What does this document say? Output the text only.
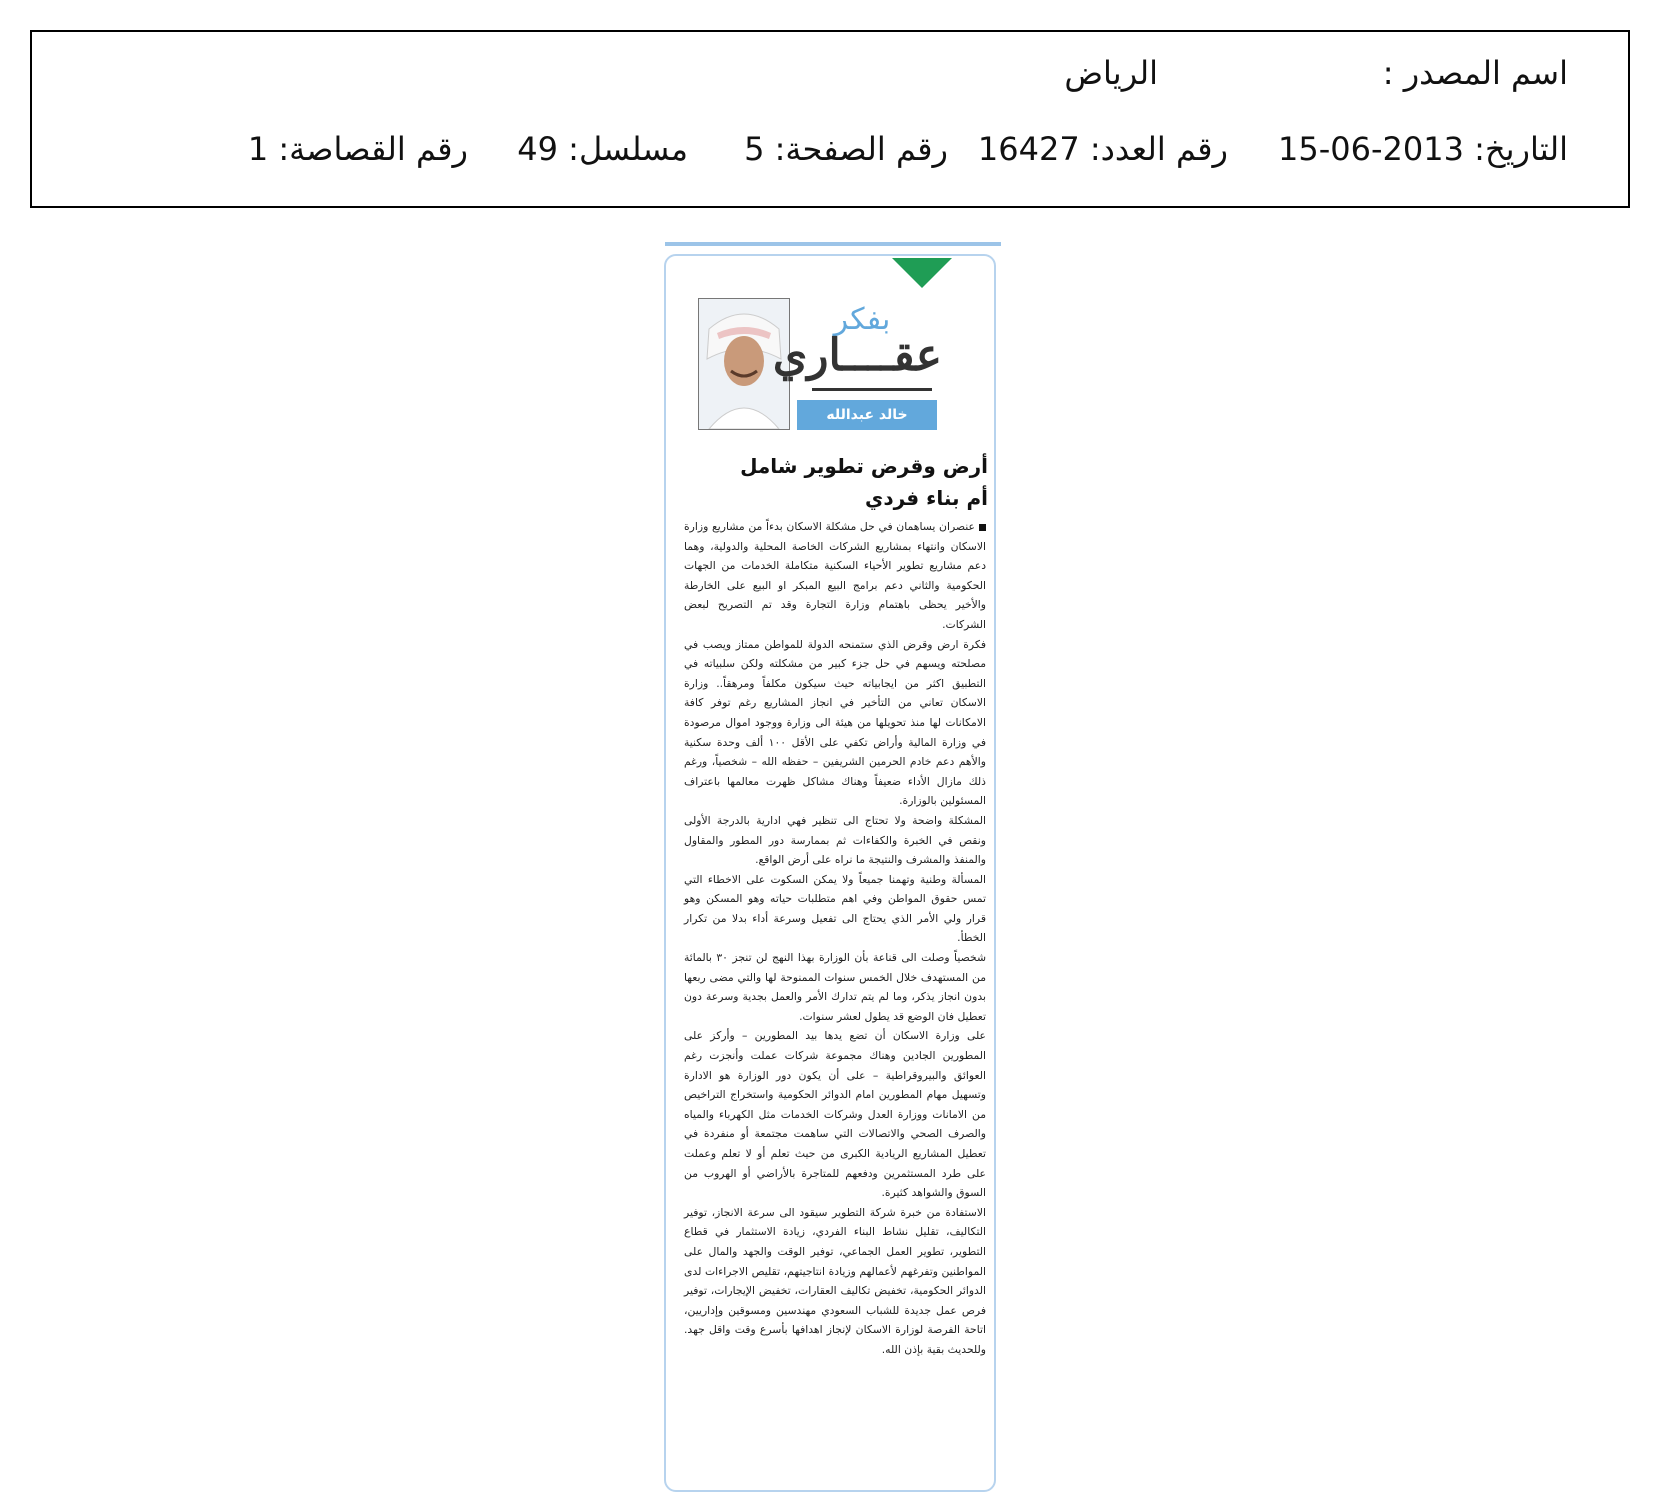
اسم المصدر :
الرياض
التاريخ: 2013-06-15
رقم العدد: 16427
رقم الصفحة: 5
مسلسل: 49
رقم القصاصة: 1
بفكر
عقــــاري
خالد عبدالله الجارالله
أرض وقرض تطوير شامل
أم بناء فردي

عنصران يساهمان في حل مشكلة الاسكان بدءاً من مشاريع وزارة الاسكان وانتهاء بمشاريع الشركات الخاصة المحلية والدولية، وهما دعم مشاريع تطوير الأحياء السكنية متكاملة الخدمات من الجهات الحكومية والثاني دعم برامج البيع المبكر او البيع على الخارطة والأخير يحظى باهتمام وزارة التجارة وقد تم التصريح لبعض الشركات.

فكرة ارض وقرض الذي ستمنحه الدولة للمواطن ممتاز ويصب في مصلحته ويسهم في حل جزء كبير من مشكلته ولكن سلبياته في التطبيق اكثر من ايجابياته حيث سيكون مكلفاً ومرهقاً.. وزارة الاسكان تعاني من التأخير في انجاز المشاريع رغم توفر كافة الامكانات لها منذ تحويلها من هيئة الى وزارة ووجود اموال مرصودة في وزارة المالية وأراض تكفي على الأقل ١٠٠ ألف وحدة سكنية والأهم دعم خادم الحرمين الشريفين – حفظه الله – شخصياً، ورغم ذلك مازال الأداء ضعيفاً وهناك مشاكل ظهرت معالمها باعتراف المسئولين بالوزارة.

المشكلة واضحة ولا تحتاج الى تنظير فهي ادارية بالدرجة الأولى ونقص في الخبرة والكفاءات ثم بممارسة دور المطور والمقاول والمنفذ والمشرف والنتيجة ما نراه على أرض الواقع.

المسألة وطنية وتهمنا جميعاً ولا يمكن السكوت على الاخطاء التي تمس حقوق المواطن وفي اهم متطلبات حياته وهو المسكن وهو قرار ولي الأمر الذي يحتاج الى تفعيل وسرعة أداء بدلا من تكرار الخطأ.

شخصياً وصلت الى قناعة بأن الوزارة بهذا النهج لن تنجز ٣٠ بالمائة من المستهدف خلال الخمس سنوات الممنوحة لها والتي مضى ربعها بدون انجاز يذكر، وما لم يتم تدارك الأمر والعمل بجدية وسرعة دون تعطيل فان الوضع قد يطول لعشر سنوات.

على وزارة الاسكان أن تضع يدها بيد المطورين – وأركز على المطورين الجادين وهناك مجموعة شركات عملت وأنجزت رغم العوائق والبيروقراطية – على أن يكون دور الوزارة هو الادارة وتسهيل مهام المطورين امام الدوائر الحكومية واستخراج التراخيص من الامانات ووزارة العدل وشركات الخدمات مثل الكهرباء والمياه والصرف الصحي والاتصالات التي ساهمت مجتمعة أو منفردة في تعطيل المشاريع الريادية الكبرى من حيث تعلم أو لا تعلم وعملت على طرد المستثمرين ودفعهم للمتاجرة بالأراضي أو الهروب من السوق والشواهد كثيرة.

الاستفادة من خبرة شركة التطوير سيقود الى سرعة الانجاز، توفير التكاليف، تقليل نشاط البناء الفردي، زيادة الاستثمار في قطاع التطوير، تطوير العمل الجماعي، توفير الوقت والجهد والمال على المواطنين وتفرغهم لأعمالهم وزيادة انتاجيتهم، تقليص الاجراءات لدى الدوائر الحكومية، تخفيض تكاليف العقارات، تخفيض الإيجارات، توفير فرص عمل جديدة للشباب السعودي مهندسين ومسوقين وإداريين، اتاحة الفرصة لوزارة الاسكان لإنجاز اهدافها بأسرع وقت واقل جهد. وللحديث بقية بإذن الله.
